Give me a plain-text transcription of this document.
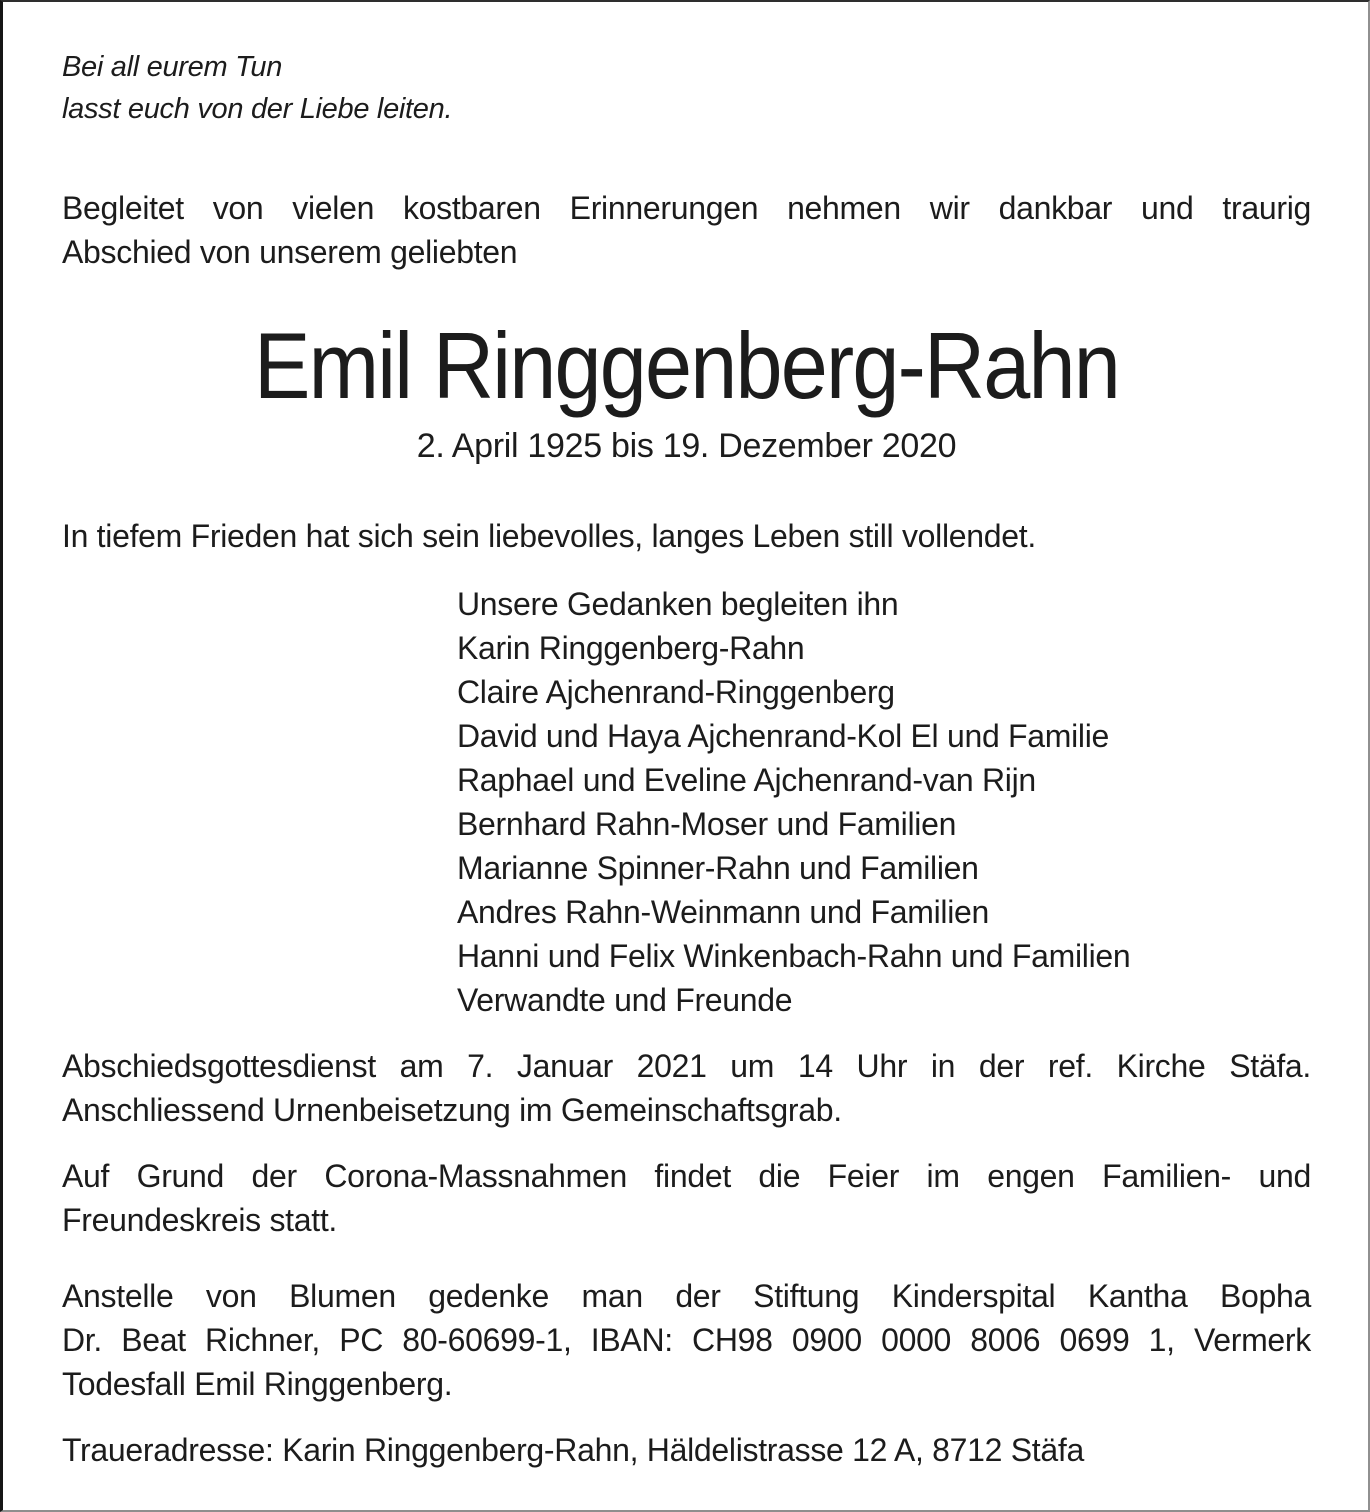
Bei all eurem Tun
lasst euch von der Liebe leiten.
Begleitet von vielen kostbaren Erinnerungen nehmen wir dankbar und traurig
Abschied von unserem geliebten
Emil Ringgenberg-Rahn
2. April 1925 bis 19. Dezember 2020
In tiefem Frieden hat sich sein liebevolles, langes Leben still vollendet.
Unsere Gedanken begleiten ihn
Karin Ringgenberg-Rahn
Claire Ajchenrand-Ringgenberg
David und Haya Ajchenrand-Kol El und Familie
Raphael und Eveline Ajchenrand-van Rijn
Bernhard Rahn-Moser und Familien
Marianne Spinner-Rahn und Familien
Andres Rahn-Weinmann und Familien
Hanni und Felix Winkenbach-Rahn und Familien
Verwandte und Freunde
Abschiedsgottesdienst am 7. Januar 2021 um 14 Uhr in der ref. Kirche Stäfa.
Anschliessend Urnenbeisetzung im Gemeinschaftsgrab.
Auf Grund der Corona-Massnahmen findet die Feier im engen Familien- und
Freundeskreis statt.
Anstelle von Blumen gedenke man der Stiftung Kinderspital Kantha Bopha
Dr. Beat Richner, PC 80-60699-1, IBAN: CH98 0900 0000 8006 0699 1, Vermerk
Todesfall Emil Ringgenberg.
Traueradresse: Karin Ringgenberg-Rahn, Häldelistrasse 12 A, 8712 Stäfa
